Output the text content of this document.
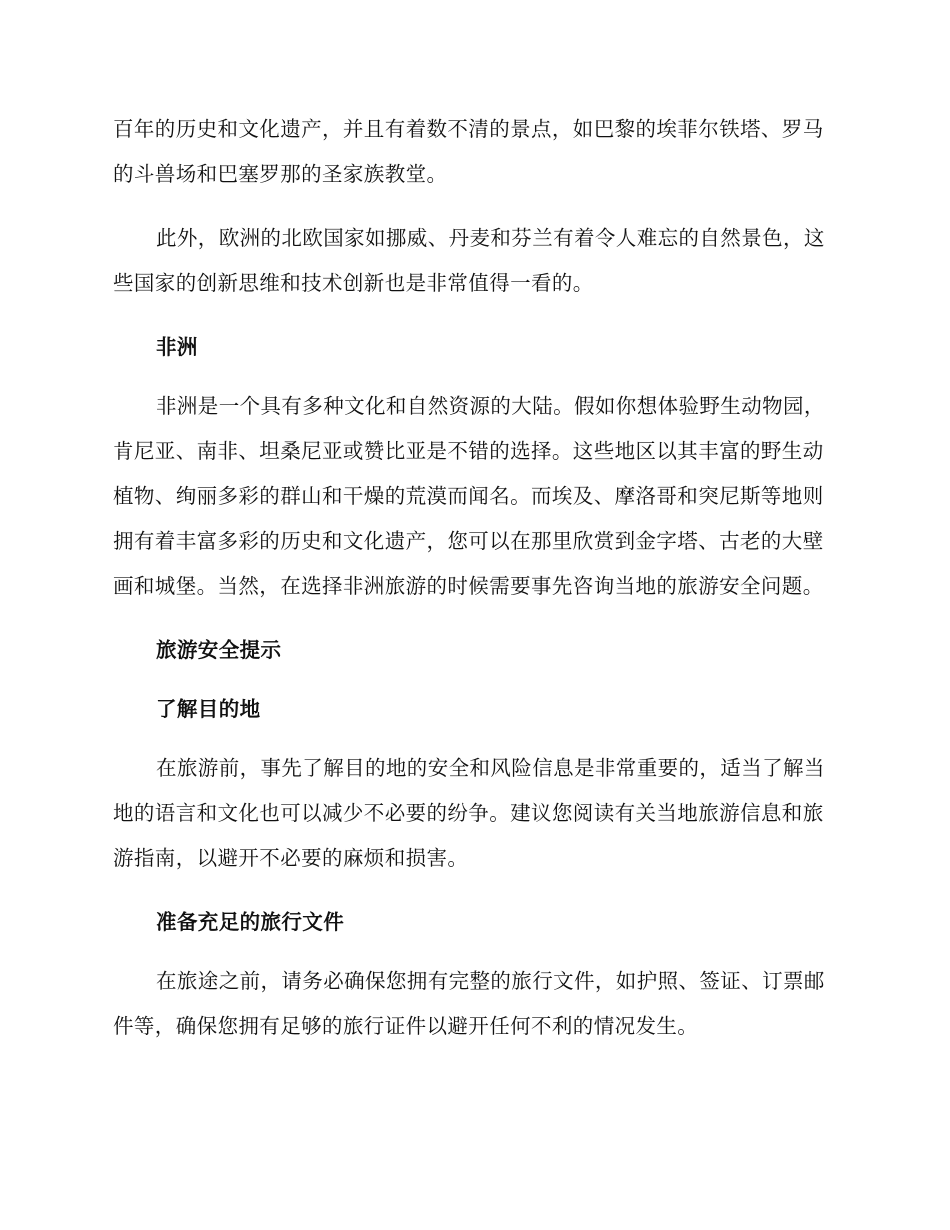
百年的历史和文化遗产，并且有着数不清的景点，如巴黎的埃菲尔铁塔、罗马的斗兽场和巴塞罗那的圣家族教堂。

此外，欧洲的北欧国家如挪威、丹麦和芬兰有着令人难忘的自然景色，这些国家的创新思维和技术创新也是非常值得一看的。

非洲

非洲是一个具有多种文化和自然资源的大陆。假如你想体验野生动物园，肯尼亚、南非、坦桑尼亚或赞比亚是不错的选择。这些地区以其丰富的野生动植物、绚丽多彩的群山和干燥的荒漠而闻名。而埃及、摩洛哥和突尼斯等地则拥有着丰富多彩的历史和文化遗产，您可以在那里欣赏到金字塔、古老的大壁画和城堡。当然，在选择非洲旅游的时候需要事先咨询当地的旅游安全问题。

旅游安全提示
了解目的地

在旅游前，事先了解目的地的安全和风险信息是非常重要的，适当了解当地的语言和文化也可以减少不必要的纷争。建议您阅读有关当地旅游信息和旅游指南，以避开不必要的麻烦和损害。

准备充足的旅行文件

在旅途之前，请务必确保您拥有完整的旅行文件，如护照、签证、订票邮件等，确保您拥有足够的旅行证件以避开任何不利的情况发生。
